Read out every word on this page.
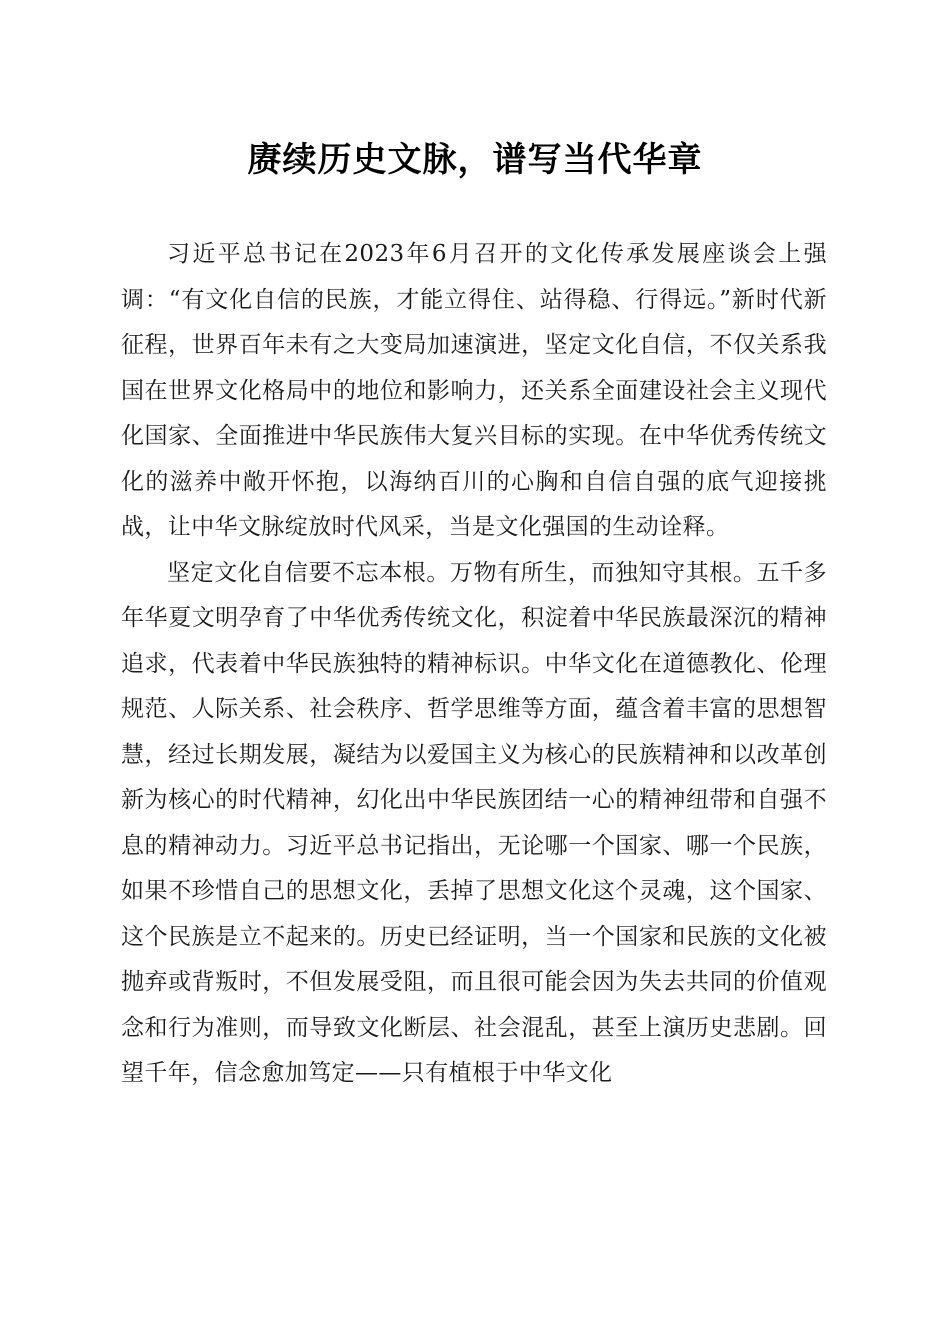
赓续历史文脉，谱写当代华章

习近平总书记在2023年6月召开的文化传承发展座谈会上强调：“有文化自信的民族，才能立得住、站得稳、行得远。”新时代新征程，世界百年未有之大变局加速演进，坚定文化自信，不仅关系我国在世界文化格局中的地位和影响力，还关系全面建设社会主义现代化国家、全面推进中华民族伟大复兴目标的实现。在中华优秀传统文化的滋养中敞开怀抱，以海纳百川的心胸和自信自强的底气迎接挑战，让中华文脉绽放时代风采，当是文化强国的生动诠释。

坚定文化自信要不忘本根。万物有所生，而独知守其根。五千多年华夏文明孕育了中华优秀传统文化，积淀着中华民族最深沉的精神追求，代表着中华民族独特的精神标识。中华文化在道德教化、伦理规范、人际关系、社会秩序、哲学思维等方面，蕴含着丰富的思想智慧，经过长期发展，凝结为以爱国主义为核心的民族精神和以改革创新为核心的时代精神，幻化出中华民族团结一心的精神纽带和自强不息的精神动力。习近平总书记指出，无论哪一个国家、哪一个民族，如果不珍惜自己的思想文化，丢掉了思想文化这个灵魂，这个国家、这个民族是立不起来的。历史已经证明，当一个国家和民族的文化被抛弃或背叛时，不但发展受阻，而且很可能会因为失去共同的价值观念和行为准则，而导致文化断层、社会混乱，甚至上演历史悲剧。回望千年，信念愈加笃定——只有植根于中华文化
